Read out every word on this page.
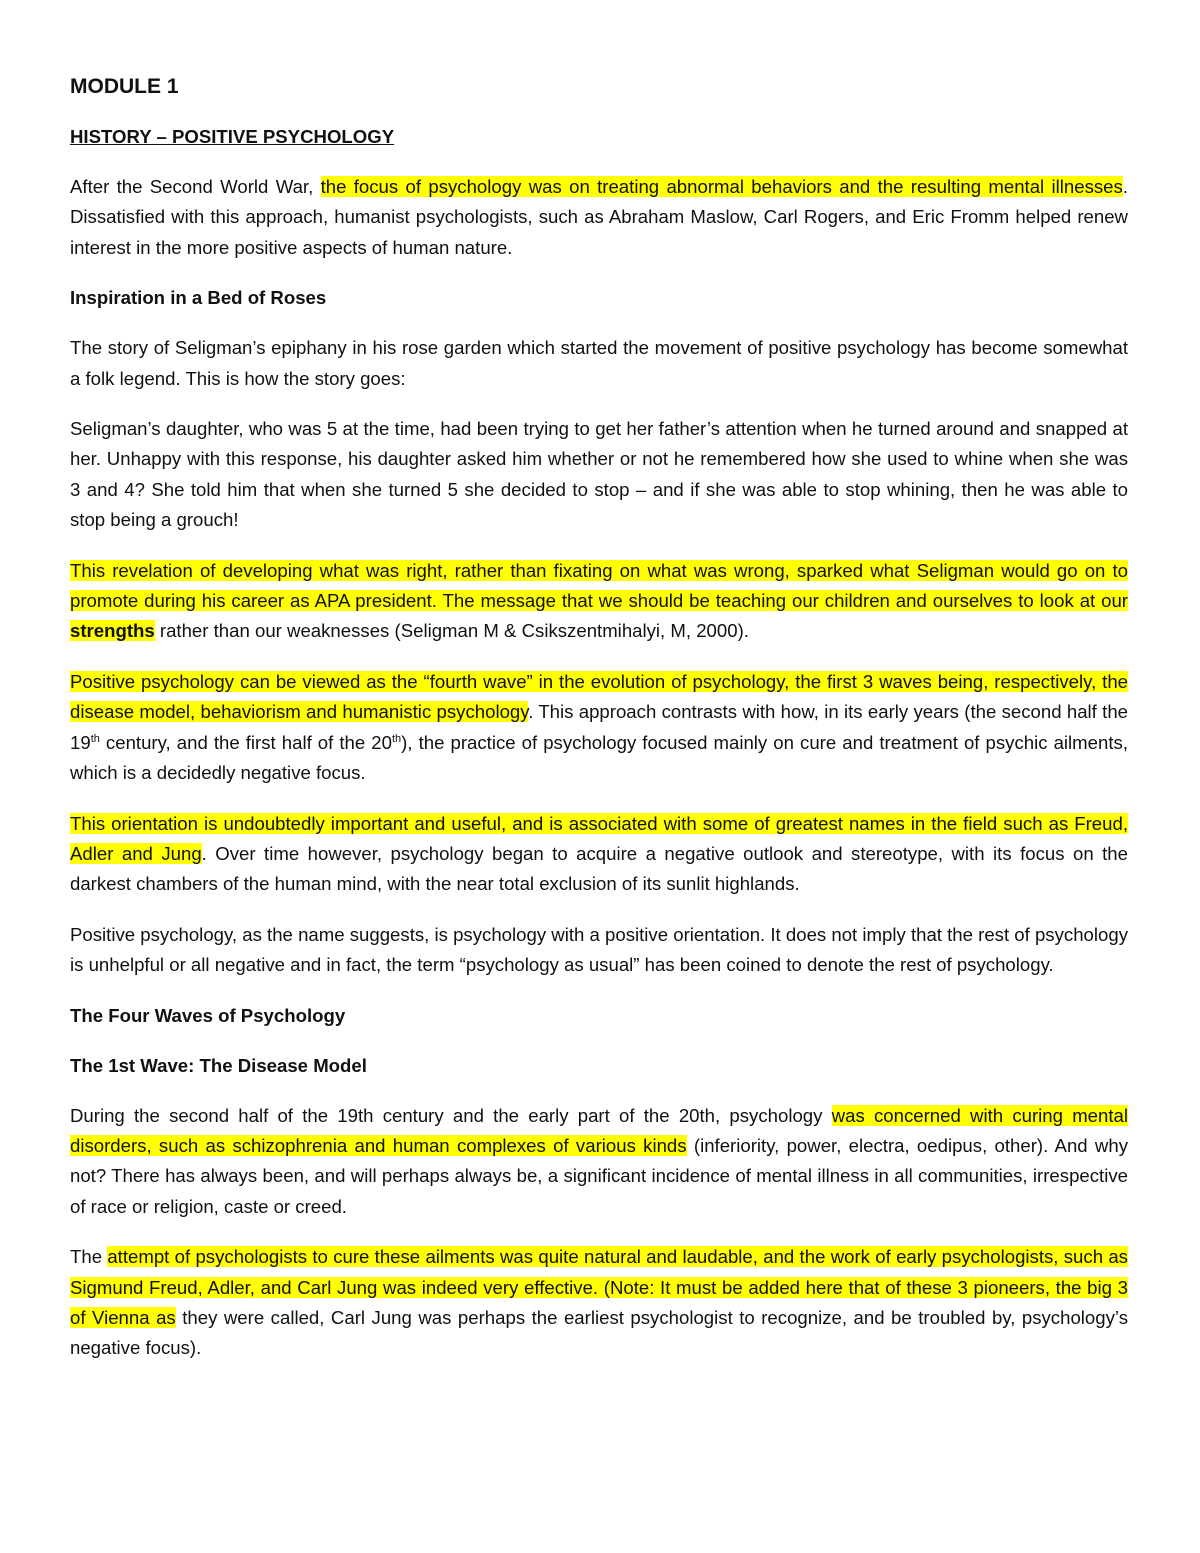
MODULE 1
HISTORY – POSITIVE PSYCHOLOGY

After the Second World War, the focus of psychology was on treating abnormal behaviors and the resulting mental illnesses. Dissatisfied with this approach, humanist psychologists, such as Abraham Maslow, Carl Rogers, and Eric Fromm helped renew interest in the more positive aspects of human nature.

Inspiration in a Bed of Roses

The story of Seligman’s epiphany in his rose garden which started the movement of positive psychology has become somewhat a folk legend. This is how the story goes:

Seligman’s daughter, who was 5 at the time, had been trying to get her father’s attention when he turned around and snapped at her. Unhappy with this response, his daughter asked him whether or not he remembered how she used to whine when she was 3 and 4? She told him that when she turned 5 she decided to stop – and if she was able to stop whining, then he was able to stop being a grouch!

This revelation of developing what was right, rather than fixating on what was wrong, sparked what Seligman would go on to promote during his career as APA president. The message that we should be teaching our children and ourselves to look at our strengths rather than our weaknesses (Seligman M & Csikszentmihalyi, M, 2000).

Positive psychology can be viewed as the “fourth wave” in the evolution of psychology, the first 3 waves being, respectively, the disease model, behaviorism and humanistic psychology. This approach contrasts with how, in its early years (the second half the 19th century, and the first half of the 20th), the practice of psychology focused mainly on cure and treatment of psychic ailments, which is a decidedly negative focus.

This orientation is undoubtedly important and useful, and is associated with some of greatest names in the field such as Freud, Adler and Jung. Over time however, psychology began to acquire a negative outlook and stereotype, with its focus on the darkest chambers of the human mind, with the near total exclusion of its sunlit highlands.

Positive psychology, as the name suggests, is psychology with a positive orientation. It does not imply that the rest of psychology is unhelpful or all negative and in fact, the term “psychology as usual” has been coined to denote the rest of psychology.

The Four Waves of Psychology
The 1st Wave: The Disease Model

During the second half of the 19th century and the early part of the 20th, psychology was concerned with curing mental disorders, such as schizophrenia and human complexes of various kinds (inferiority, power, electra, oedipus, other). And why not? There has always been, and will perhaps always be, a significant incidence of mental illness in all communities, irrespective of race or religion, caste or creed.

The attempt of psychologists to cure these ailments was quite natural and laudable, and the work of early psychologists, such as Sigmund Freud, Adler, and Carl Jung was indeed very effective. (Note: It must be added here that of these 3 pioneers, the big 3 of Vienna as they were called, Carl Jung was perhaps the earliest psychologist to recognize, and be troubled by, psychology’s negative focus).
